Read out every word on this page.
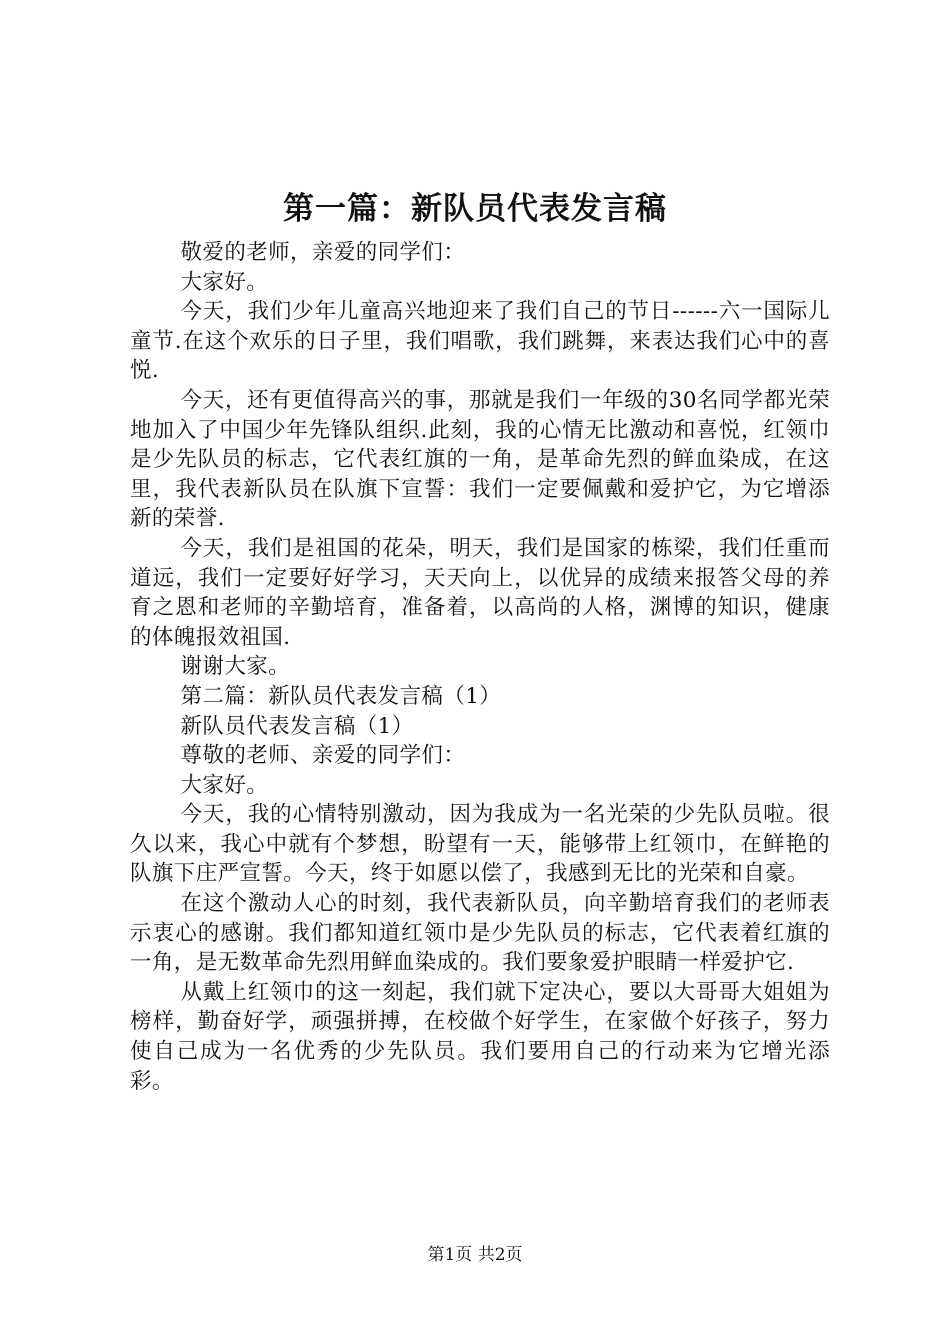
第一篇：新队员代表发言稿

敬爱的老师，亲爱的同学们：

大家好。

今天，我们少年儿童高兴地迎来了我们自己的节日------六一国际儿童节.在这个欢乐的日子里，我们唱歌，我们跳舞，来表达我们心中的喜悦.

今天，还有更值得高兴的事，那就是我们一年级的30名同学都光荣地加入了中国少年先锋队组织.此刻，我的心情无比激动和喜悦，红领巾是少先队员的标志，它代表红旗的一角，是革命先烈的鲜血染成，在这里，我代表新队员在队旗下宣誓：我们一定要佩戴和爱护它，为它增添新的荣誉.

今天，我们是祖国的花朵，明天，我们是国家的栋梁，我们任重而道远，我们一定要好好学习，天天向上，以优异的成绩来报答父母的养育之恩和老师的辛勤培育，准备着，以高尚的人格，渊博的知识，健康的体魄报效祖国.

谢谢大家。

第二篇：新队员代表发言稿（1）

新队员代表发言稿（1）

尊敬的老师、亲爱的同学们：

大家好。

今天，我的心情特别激动，因为我成为一名光荣的少先队员啦。很久以来，我心中就有个梦想，盼望有一天，能够带上红领巾，在鲜艳的队旗下庄严宣誓。今天，终于如愿以偿了，我感到无比的光荣和自豪。

在这个激动人心的时刻，我代表新队员，向辛勤培育我们的老师表示衷心的感谢。我们都知道红领巾是少先队员的标志，它代表着红旗的一角，是无数革命先烈用鲜血染成的。我们要象爱护眼睛一样爱护它.

从戴上红领巾的这一刻起，我们就下定决心，要以大哥哥大姐姐为榜样，勤奋好学，顽强拼搏，在校做个好学生，在家做个好孩子，努力使自己成为一名优秀的少先队员。我们要用自己的行动来为它增光添彩。

第1页 共2页
